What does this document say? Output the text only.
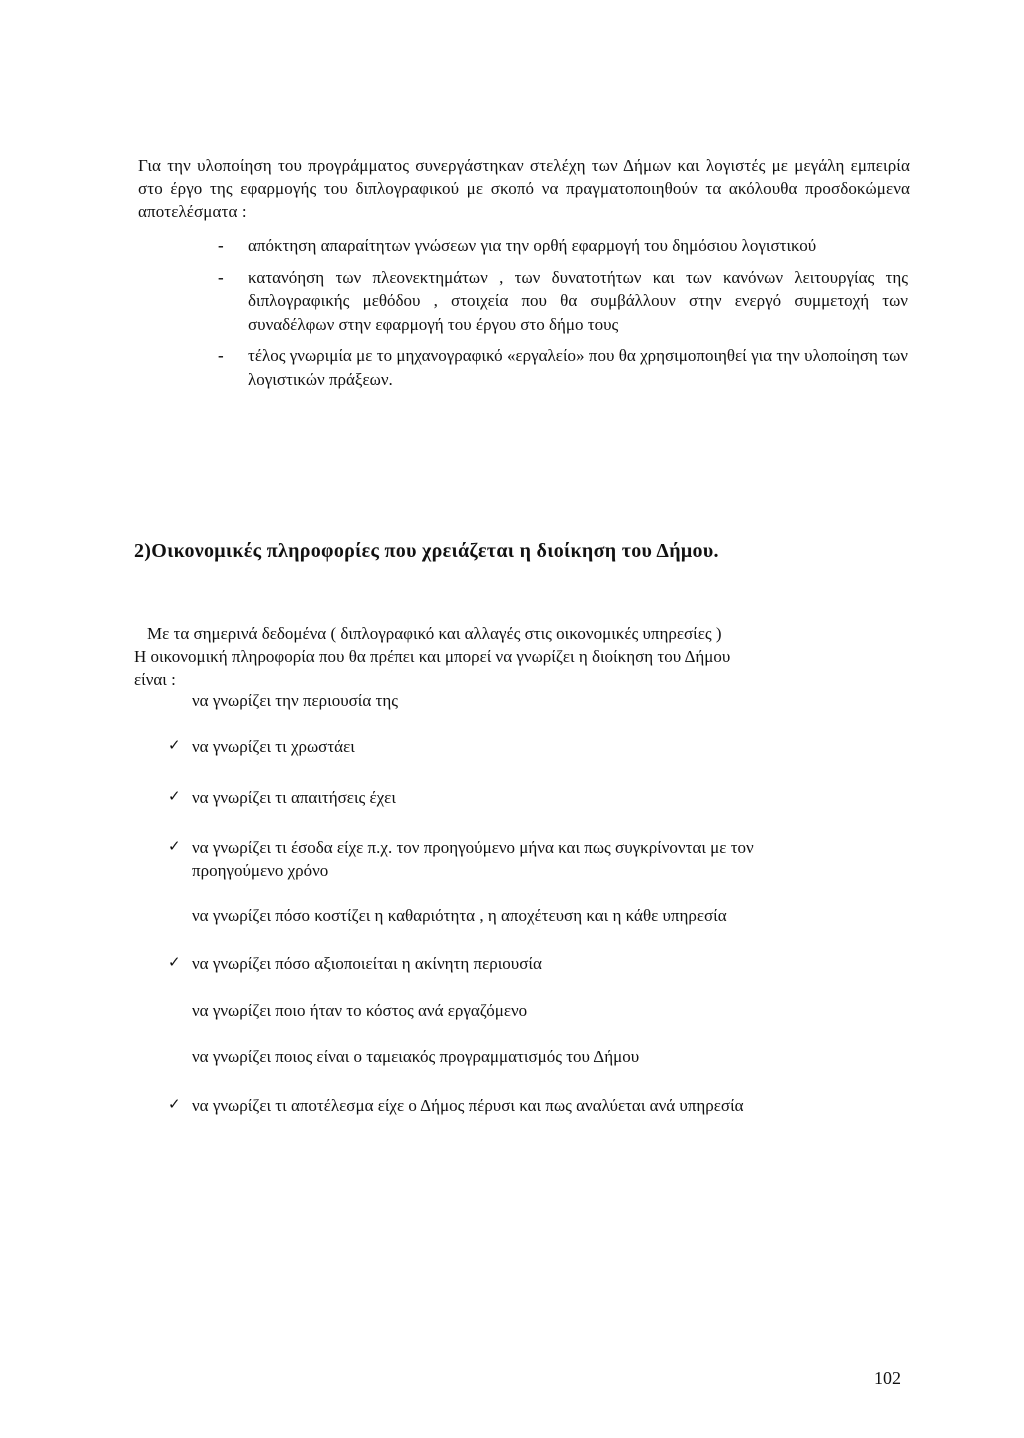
Για την υλοποίηση του προγράμματος συνεργάστηκαν στελέχη των Δήμων και λογιστές με μεγάλη εμπειρία στο έργο της εφαρμογής του διπλογραφικού με σκοπό να πραγματοποιηθούν τα ακόλουθα προσδοκώμενα αποτελέσματα :
- απόκτηση απαραίτητων γνώσεων για την ορθή εφαρμογή του δημόσιου λογιστικού
- κατανόηση των πλεονεκτημάτων , των δυνατοτήτων και των κανόνων λειτουργίας της διπλογραφικής μεθόδου , στοιχεία που θα συμβάλλουν στην ενεργό συμμετοχή των συναδέλφων στην εφαρμογή του έργου στο δήμο τους
- τέλος γνωριμία με το μηχανογραφικό «εργαλείο» που θα χρησιμοποιηθεί για την υλοποίηση των λογιστικών πράξεων.
2)Οικονομικές πληροφορίες που χρειάζεται η διοίκηση του Δήμου.
Με τα σημερινά δεδομένα ( διπλογραφικό και αλλαγές στις οικονομικές υπηρεσίες )
Η οικονομική πληροφορία που θα πρέπει και μπορεί να γνωρίζει η διοίκηση του Δήμου
είναι :
να γνωρίζει την περιουσία της
✓ να γνωρίζει τι χρωστάει
✓ να γνωρίζει τι απαιτήσεις έχει
✓ να γνωρίζει τι έσοδα είχε π.χ. τον προηγούμενο μήνα και πως συγκρίνονται με τον προηγούμενο χρόνο
να γνωρίζει πόσο κοστίζει η καθαριότητα , η αποχέτευση και η κάθε υπηρεσία
✓ να γνωρίζει πόσο αξιοποιείται η ακίνητη περιουσία
να γνωρίζει ποιο ήταν το κόστος ανά εργαζόμενο
να γνωρίζει ποιος είναι ο ταμειακός προγραμματισμός του Δήμου
✓ να γνωρίζει τι αποτέλεσμα είχε ο Δήμος πέρυσι και πως αναλύεται ανά υπηρεσία
102
